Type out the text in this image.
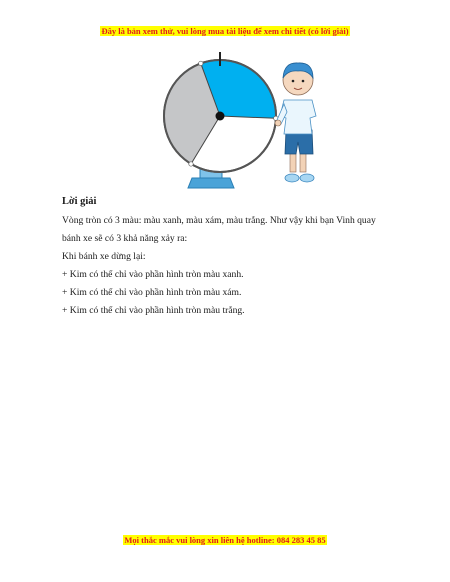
Đây là bản xem thử, vui lòng mua tài liệu để xem chi tiết (có lời giải)
Lời giải
Vòng tròn có 3 màu: màu xanh, màu xám, màu trắng. Như vậy khi bạn Vinh quay
bánh xe sẽ có 3 khả năng xảy ra:
Khi bánh xe dừng lại:
+ Kim có thể chỉ vào phần hình tròn màu xanh.
+ Kim có thể chỉ vào phần hình tròn màu xám.
+ Kim có thể chỉ vào phần hình tròn màu trắng.
Mọi thắc mắc vui lòng xin liên hệ hotline: 084 283 45 85
